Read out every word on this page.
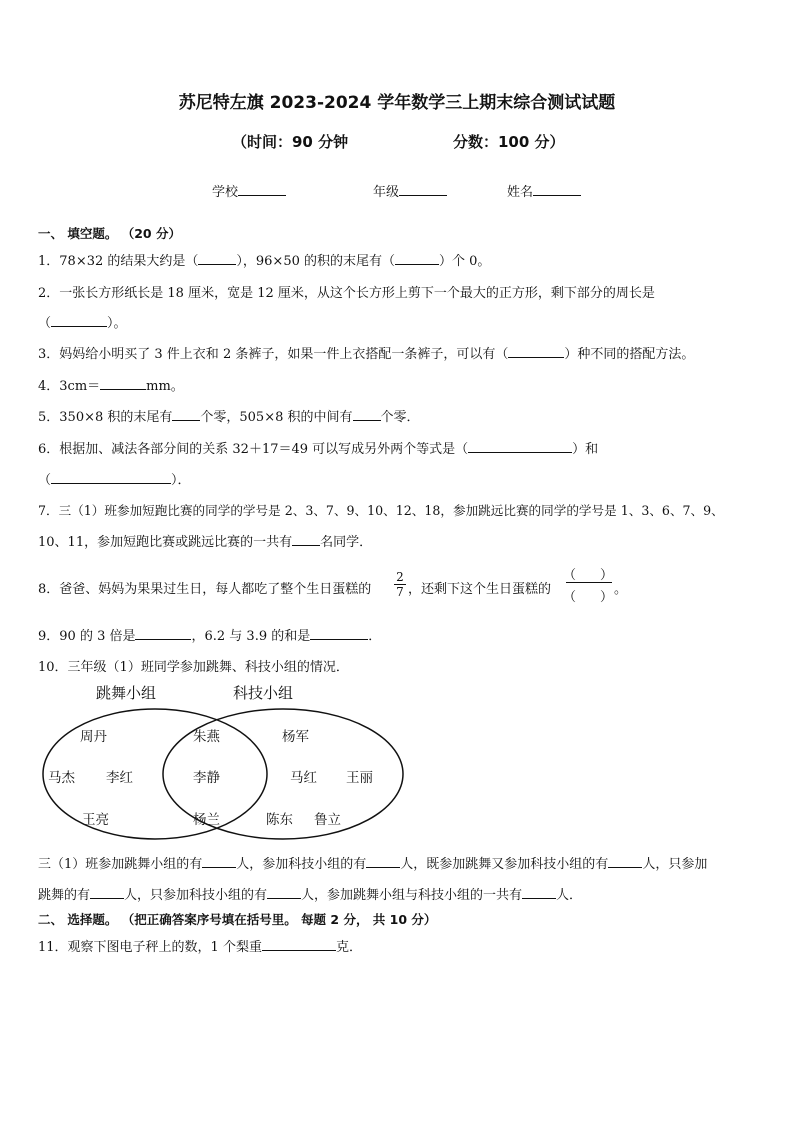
苏尼特左旗 2023-2024 学年数学三上期末综合测试试题
（时间：90 分钟	分数：100 分）
学校	年级	姓名
一、 填空题。 （20 分）
1．78×32 的结果大约是（	），96×50 的积的末尾有（	）个 0。
2．一张长方形纸长是 18 厘米，宽是 12 厘米，从这个长方形上剪下一个最大的正方形，剩下部分的周长是
（	）。
3．妈妈给小明买了 3 件上衣和 2 条裤子，如果一件上衣搭配一条裤子，可以有（	）种不同的搭配方法。
4．3cm＝	mm。
5．350×8 积的末尾有 个零，505×8 积的中间有 个零．
6．根据加、减法各部分间的关系 32＋17＝49 可以写成另外两个等式是（	）和
（	）．
7．三（1）班参加短跑比赛的同学的学号是 2、3、7、9、10、12、18，参加跳远比赛的同学的学号是 1、3、6、7、9、
10、11，参加短跑比赛或跳远比赛的一共有 名同学．
8．爸爸、妈妈为果果过生日，每人都吃了整个生日蛋糕的
2
7 ，还剩下这个生日蛋糕的
（ ）
（ ）
。
9．90 的 3 倍是	，6.2 与 3.9 的和是	．
10．三年级（1）班同学参加跳舞、科技小组的情况．
跳舞小组	科技小组
周丹
马杰 李红
王亮
朱燕
李静
杨兰
杨军
马红 王丽
陈东 鲁立
三（1）班参加跳舞小组的有	人，参加科技小组的有	人，既参加跳舞又参加科技小组的有	人，只参加
跳舞的有	人，只参加科技小组的有	人，参加跳舞小组与科技小组的一共有	人．
二、 选择题。 （把正确答案序号填在括号里。 每题 2 分， 共 10 分）
11．观察下图电子秤上的数，1 个梨重	克．
